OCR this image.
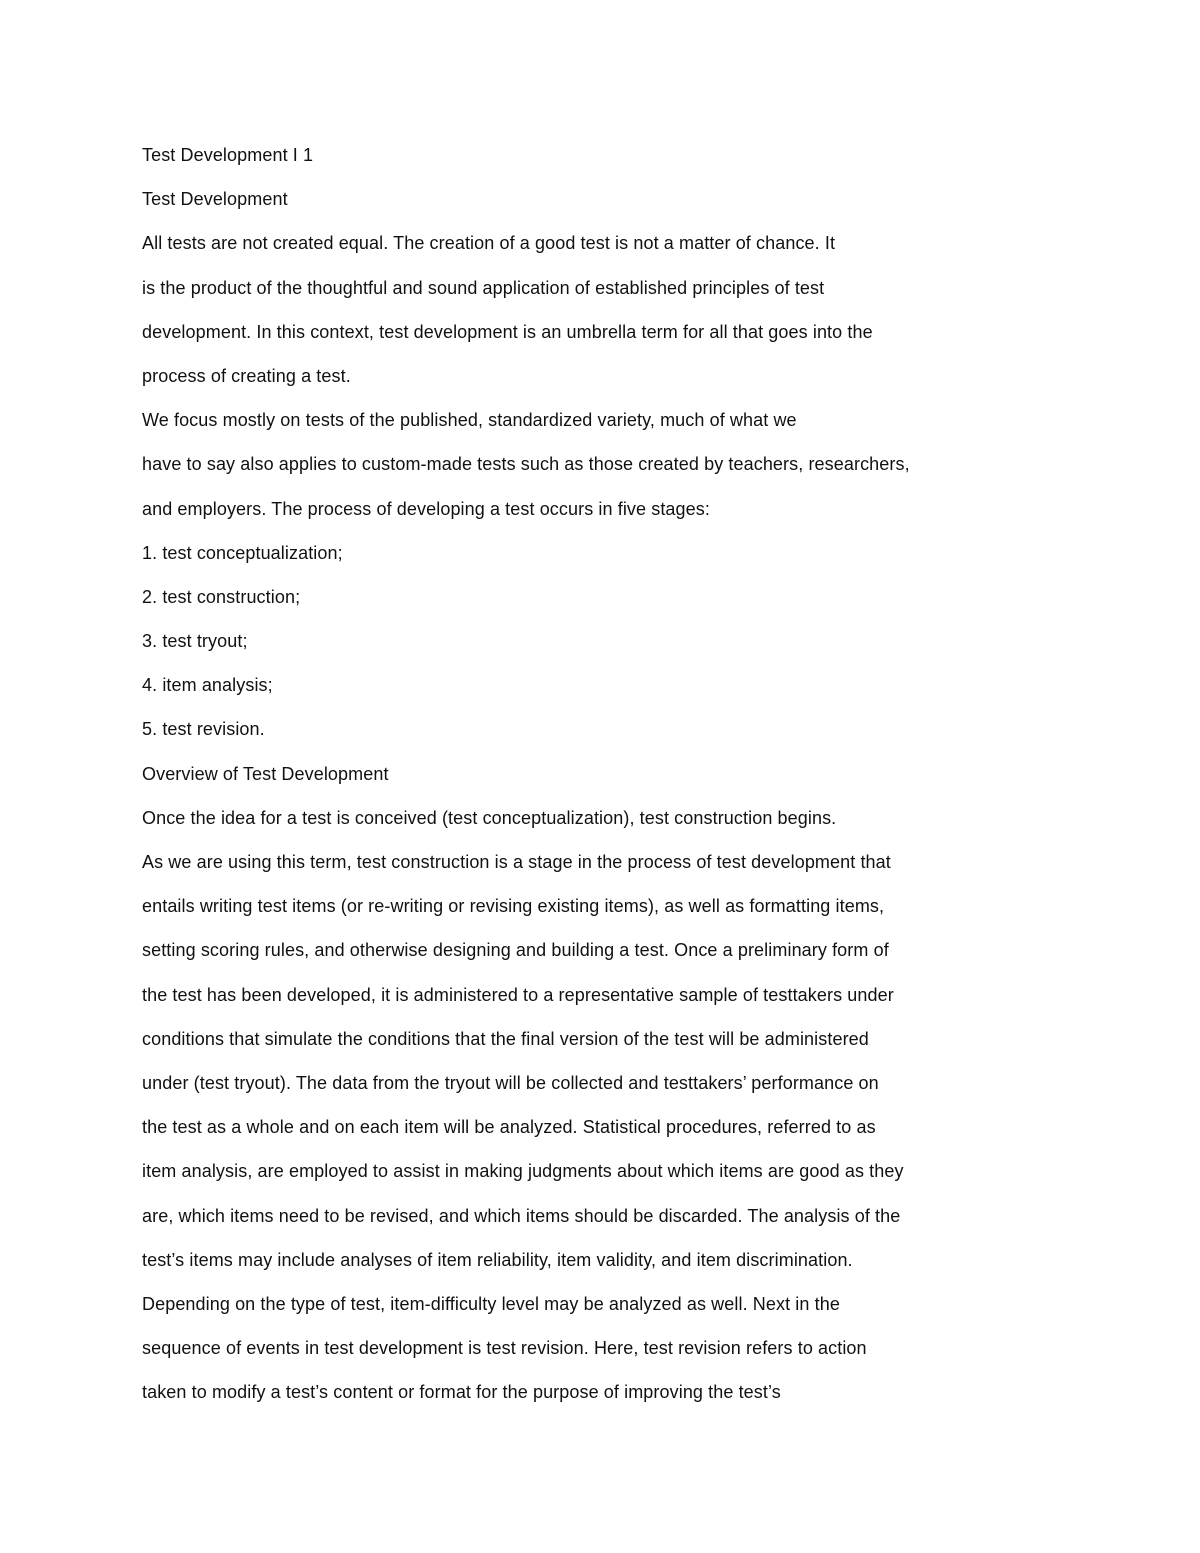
Test Development I 1
Test Development
All tests are not created equal. The creation of a good test is not a matter of chance. It
is the product of the thoughtful and sound application of established principles of test
development. In this context, test development is an umbrella term for all that goes into the
process of creating a test.
We focus mostly on tests of the published, standardized variety, much of what we
have to say also applies to custom-made tests such as those created by teachers, researchers,
and employers. The process of developing a test occurs in five stages:
1. test conceptualization;
2. test construction;
3. test tryout;
4. item analysis;
5. test revision.
Overview of Test Development
Once the idea for a test is conceived (test conceptualization), test construction begins.
As we are using this term, test construction is a stage in the process of test development that
entails writing test items (or re-writing or revising existing items), as well as formatting items,
setting scoring rules, and otherwise designing and building a test. Once a preliminary form of
the test has been developed, it is administered to a representative sample of testtakers under
conditions that simulate the conditions that the final version of the test will be administered
under (test tryout). The data from the tryout will be collected and testtakers’ performance on
the test as a whole and on each item will be analyzed. Statistical procedures, referred to as
item analysis, are employed to assist in making judgments about which items are good as they
are, which items need to be revised, and which items should be discarded. The analysis of the
test’s items may include analyses of item reliability, item validity, and item discrimination.
Depending on the type of test, item-difficulty level may be analyzed as well. Next in the
sequence of events in test development is test revision. Here, test revision refers to action
taken to modify a test’s content or format for the purpose of improving the test’s
